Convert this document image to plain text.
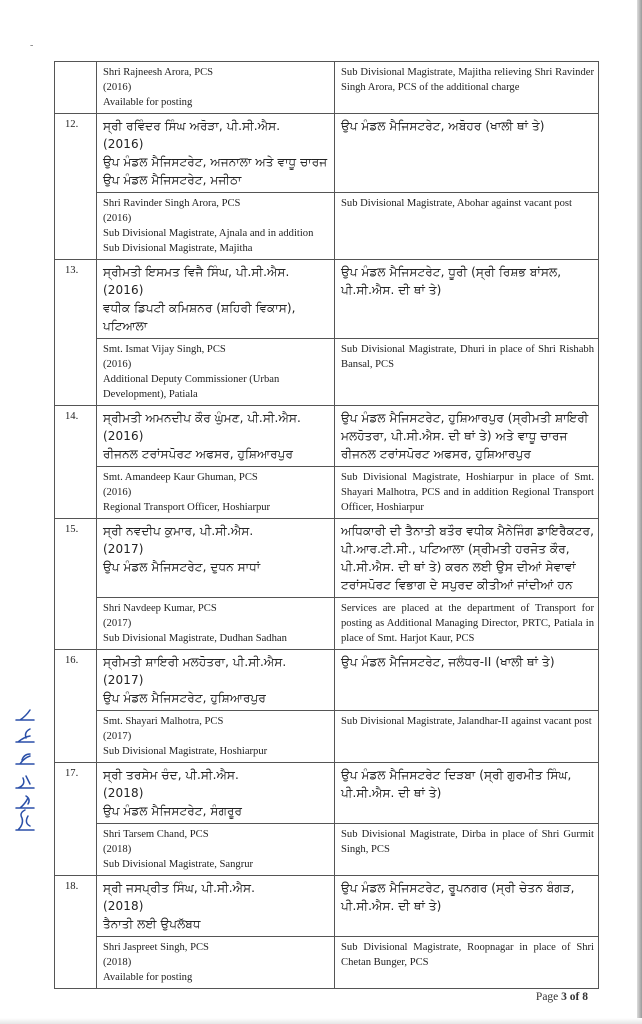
-

	Shri Rajneesh Arora, PCS
(2016)
Available for posting	Sub Divisional Magistrate, Majitha relieving Shri Ravinder Singh Arora, PCS of the additional charge
12.	ਸ੍ਰੀ ਰਵਿੰਦਰ ਸਿੰਘ ਅਰੋੜਾ, ਪੀ.ਸੀ.ਐਸ.
(2016)
ਉਪ ਮੰਡਲ ਮੈਜਿਸਟਰੇਟ, ਅਜਨਾਲਾ ਅਤੇ ਵਾਧੂ ਚਾਰਜ ਉਪ ਮੰਡਲ ਮੈਜਿਸਟਰੇਟ, ਮਜੀਠਾ	ਉਪ ਮੰਡਲ ਮੈਜਿਸਟਰੇਟ, ਅਬੋਹਰ (ਖਾਲੀ ਥਾਂ ਤੇ)

	Shri Ravinder Singh Arora, PCS
(2016)
Sub Divisional Magistrate, Ajnala and in addition Sub Divisional Magistrate, Majitha	Sub Divisional Magistrate, Abohar against vacant post
13.	ਸ੍ਰੀਮਤੀ ਇਸਮਤ ਵਿਜੈ ਸਿੰਘ, ਪੀ.ਸੀ.ਐਸ.
(2016)
ਵਧੀਕ ਡਿਪਟੀ ਕਮਿਸ਼ਨਰ (ਸ਼ਹਿਰੀ ਵਿਕਾਸ), ਪਟਿਆਲਾ	ਉਪ ਮੰਡਲ ਮੈਜਿਸਟਰੇਟ, ਧੂਰੀ (ਸ੍ਰੀ ਰਿਸ਼ਭ ਬਾਂਸਲ, ਪੀ.ਸੀ.ਐਸ. ਦੀ ਥਾਂ ਤੇ)

	Smt. Ismat Vijay Singh, PCS
(2016)
Additional Deputy Commissioner (Urban Development), Patiala	Sub Divisional Magistrate, Dhuri in place of Shri Rishabh Bansal, PCS
14.	ਸ੍ਰੀਮਤੀ ਅਮਨਦੀਪ ਕੌਰ ਘੁੰਮਣ, ਪੀ.ਸੀ.ਐਸ.
(2016)
ਰੀਜਨਲ ਟਰਾਂਸਪੋਰਟ ਅਫਸਰ, ਹੁਸ਼ਿਆਰਪੁਰ	ਉਪ ਮੰਡਲ ਮੈਜਿਸਟਰੇਟ, ਹੁਸ਼ਿਆਰਪੁਰ (ਸ੍ਰੀਮਤੀ ਸ਼ਾਇਰੀ ਮਲਹੋਤਰਾ, ਪੀ.ਸੀ.ਐਸ. ਦੀ ਥਾਂ ਤੇ) ਅਤੇ ਵਾਧੂ ਚਾਰਜ ਰੀਜਨਲ ਟਰਾਂਸਪੋਰਟ ਅਫਸਰ, ਹੁਸ਼ਿਆਰਪੁਰ

	Smt. Amandeep Kaur Ghuman, PCS
(2016)
Regional Transport Officer, Hoshiarpur	Sub Divisional Magistrate, Hoshiarpur in place of Smt. Shayari Malhotra, PCS and in addition Regional Transport Officer, Hoshiarpur
15.	ਸ੍ਰੀ ਨਵਦੀਪ ਕੁਮਾਰ, ਪੀ.ਸੀ.ਐਸ.
(2017)
ਉਪ ਮੰਡਲ ਮੈਜਿਸਟਰੇਟ, ਦੁਧਨ ਸਾਧਾਂ	ਅਧਿਕਾਰੀ ਦੀ ਤੈਨਾਤੀ ਬਤੌਰ ਵਧੀਕ ਮੈਨੇਜਿੰਗ ਡਾਇਰੈਕਟਰ, ਪੀ.ਆਰ.ਟੀ.ਸੀ., ਪਟਿਆਲਾ (ਸ੍ਰੀਮਤੀ ਹਰਜੋਤ ਕੌਰ, ਪੀ.ਸੀ.ਐਸ. ਦੀ ਥਾਂ ਤੇ) ਕਰਨ ਲਈ ਉਸ ਦੀਆਂ ਸੇਵਾਵਾਂ ਟਰਾਂਸਪੋਰਟ ਵਿਭਾਗ ਦੇ ਸਪੁਰਦ ਕੀਤੀਆਂ ਜਾਂਦੀਆਂ ਹਨ

	Shri Navdeep Kumar, PCS
(2017)
Sub Divisional Magistrate, Dudhan Sadhan	Services are placed at the department of Transport for posting as Additional Managing Director, PRTC, Patiala in place of Smt. Harjot Kaur, PCS
16.	ਸ੍ਰੀਮਤੀ ਸ਼ਾਇਰੀ ਮਲਹੋਤਰਾ, ਪੀ.ਸੀ.ਐਸ.
(2017)
ਉਪ ਮੰਡਲ ਮੈਜਿਸਟਰੇਟ, ਹੁਸ਼ਿਆਰਪੁਰ	ਉਪ ਮੰਡਲ ਮੈਜਿਸਟਰੇਟ, ਜਲੰਧਰ-II (ਖਾਲੀ ਥਾਂ ਤੇ)

	Smt. Shayari Malhotra, PCS
(2017)
Sub Divisional Magistrate, Hoshiarpur	Sub Divisional Magistrate, Jalandhar-II against vacant post
17.	ਸ੍ਰੀ ਤਰਸੇਮ ਚੰਦ, ਪੀ.ਸੀ.ਐਸ.
(2018)
ਉਪ ਮੰਡਲ ਮੈਜਿਸਟਰੇਟ, ਸੰਗਰੂਰ	ਉਪ ਮੰਡਲ ਮੈਜਿਸਟਰੇਟ ਦਿੜਬਾ (ਸ੍ਰੀ ਗੁਰਮੀਤ ਸਿੰਘ, ਪੀ.ਸੀ.ਐਸ. ਦੀ ਥਾਂ ਤੇ)

	Shri Tarsem Chand, PCS
(2018)
Sub Divisional Magistrate, Sangrur	Sub Divisional Magistrate, Dirba in place of Shri Gurmit Singh, PCS
18.	ਸ੍ਰੀ ਜਸਪ੍ਰੀਤ ਸਿੰਘ, ਪੀ.ਸੀ.ਐਸ.
(2018)
ਤੈਨਾਤੀ ਲਈ ਉਪਲੱਬਧ	ਉਪ ਮੰਡਲ ਮੈਜਿਸਟਰੇਟ, ਰੂਪਨਗਰ (ਸ੍ਰੀ ਚੇਤਨ ਬੰਗੜ, ਪੀ.ਸੀ.ਐਸ. ਦੀ ਥਾਂ ਤੇ)

	Shri Jaspreet Singh, PCS
(2018)
Available for posting	Sub Divisional Magistrate, Roopnagar in place of Shri Chetan Bunger, PCS
Page 3 of 8
